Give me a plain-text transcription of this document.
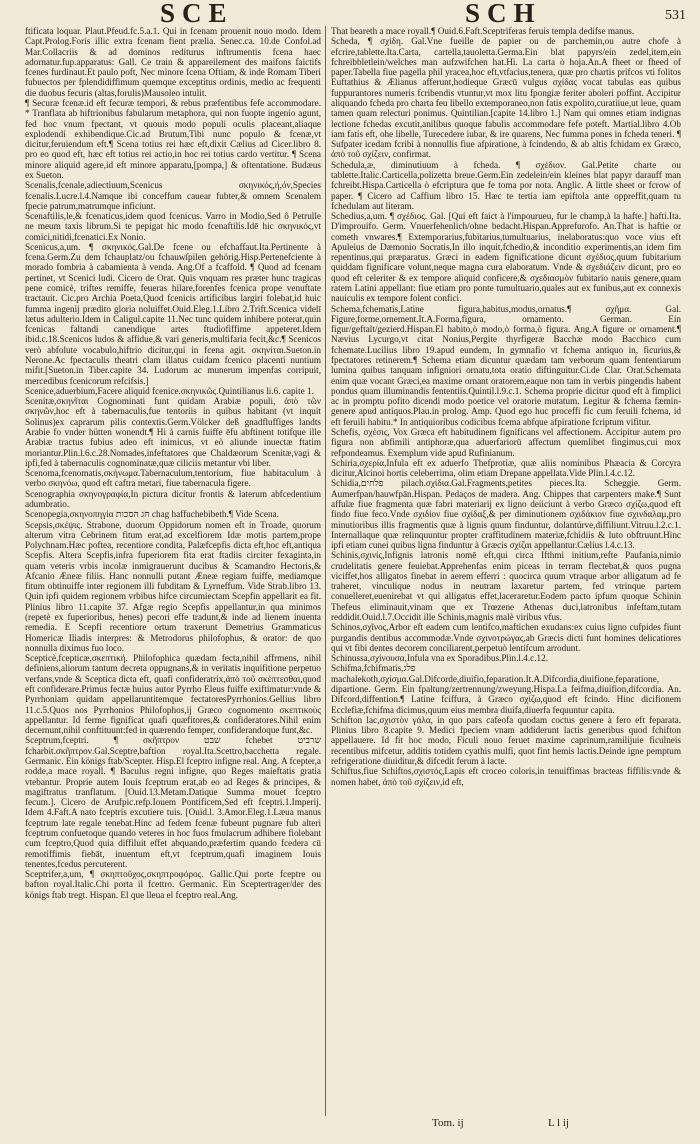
SCE	SCH	531

ftificata loquar. Plaut.Pfeud.fc.5.a.1. Qui in fcenam prouenit nouo modo. Idem Capt.Prolog.Foris illic extra fcenam fient prælia. Senec.ca. 10.de Confol.ad Mar.Collacriis & ad dominos rediturus inftrumentis fcena haec adornatur.fup.apparatus: Gall. Ce train & appareilement des maifons faictifs fcenes furdinaut.Et paulo poft, Nec minore fcena Oftiam, & inde Romam Tiberi fubuectos per fplendidiffimum quemque exceptitus ordinis, medio ac frequenti die duobus fecuris (altas,forulis)Mausoleo intulit.

¶ Securæ fcenæ.id eft fecuræ tempori, & rebus præfentibus fefe accommodare. * Tranflata ab hiftrionibus fabularum metaphora, qui non fuopte ingenio agunt, fed hoc vnum fpectant, vt quouis modo populi oculis placeant,aliaque explodendi exhibendique.Cic.ad Brutum,Tibi nunc populo & fcenæ,vt dicitur,feruiendum eft.¶ Scena totius rei hæc eft,dixit Cælius ad Cicer.libro 8. pro eo quod eft, hæc eft totius rei actio,in hoc rei totius cardo vertitur. ¶ Scena minore aliquid agere,id eft minore apparatu,[pompa,] & oftentatione. Budæus ex Sueton.

Scenalis,fcenale,adiectiuum,Scenicus σκηνικός,ή,όν,Species fcenalis.Lucre.l.4.Namque ibi conceffum cauear fubter,& omnem Scenalem fpecie patrum,matrumque inficiunt.

Scenaftilis,le,& fcenaticus,idem quod fcenicus. Varro in Modio,Sed ô Petrulle ne meum taxis librum.Si te pepigat hic modo fcenaftilis.Idē hic σκηνικός,vt comici,nitidi,fcenatici.Ex Nonio.

Scenicus,a,um. ¶ σκηνικός.Gal.De fcene ou efchaffaut.Ita.Pertinente à fcena.Germ.Zu dem fchauplatz/ou fchauwſpilen gehörig.Hisp.Pertenefciente à morado fombria à cabamienta à venda. Ang.Of a fcaffold. ¶ Quod ad fcenam pertinet, vt Scenici ludi. Cicero de Orat. Quis vnquam res præter hunc tragicas pene comicè, triftes remiffe, feueras hilare,forenfes fcenica prope venuftate tractauit. Cic.pro Archia Poeta,Quod fcenicis artificibus largiri folebat,id huic fumma ingenij prædito gloria noluiffet.Ouid.Eleg.1.Libro 2.Trift.Scenica videlī lætus adulterio.Idem in Caligul.capite 11.Nec tunc quidem inhibere poterat,quin fcenicas faltandi canendique artes ftudiofiffime appeteret.Idem ibid.c.18.Scenicos ludos & affidue,& vari generis,multifaria fecit,&c.¶ Scenicos verò abfolute vocabulo,hiftrio dicitur,qui in fcena agit. σκηνίται.Sueton.in Nerone.Ac fpectaculis theatri clam illatus cuidam fcenico placenti nuntium mifit.[Sueton.in Tiber.capite 34. Ludorum ac munerum impenfas corripuit, mercedibus fcenicorum refcifsis.]

Scenice,aduerbium,Facere aliquid fcenice.σκηνικῶς.Quintilianus li.6. capite 1.

Scenitæ,σκηνῖται Cognominati funt quidam Arabiæ populi, ἀπὸ τῶν σκηνῶν,hoc eft à tabernaculis,fue tentoriis in quibus habitant (vt inquit Solinus)ex caprarum pilis contextis.Germ.Völcker deß gnadfluffiges landts Arabie fo vnder hütten wonendt.¶ Hi à carnis fuiffe ēfu abftinent totifque ille Arabiæ tractus fubius adeo eft inimicus, vt eò aliunde inuectæ ftatim moriantur.Plin.l.6.c.28.Nomades,infeftatores que Chaldæorum Scenitæ,vagi & ipfi,fed à tabernaculis cognominatæ,quæ ciliciis metantur vbi liber.

Scenoma,fcenomatis,σκήνωμα.Tabernaculum,tentorium, fiue habitaculum à verbo σκηνόω, quod eft caftra metari, fiue tabernacula figere.

Scenographia σκηνογραφία,In pictura dicitur frontis & laterum abfcedentium adumbratio.

Scenopegia,σκηνοπηγία ‫חג הסכות‬ chag haffuchebibeth.¶ Vide Scena.

Scepsis,σκέψις. Strabone, duorum Oppidorum nomen eft in Troade, quorum alterum vitra Cebrinem fitum erat,ad excelfiorem Idæ motis partem,prope Polychnam.Hæc poftea, recentiore condita, Palæfcepfis dicta eft,hoc eft,antiqua Scepfis. Altera Scepfis,infra fuperiorem fita erat ftadiis circiter fexaginta,in quam veteris vrbis incolæ inmigrauerunt ducibus & Scamandro Hectoris,& Afcanio Æneæ filiis. Hanc nonnulli putant Æneæ regiam fuiffe, mediamque fitum obtinuiffe inter regionem illi fubditam & Lyrneffum. Vide Strab.libro 13. Quin ipfi quidem regionem vrbibus hifce circumiectam Scepfin appellarit ea fit. Plinius libro 11.capite 37. Afgæ regio Scepfis appellantur,in qua minimos (repetè ex fuperioribus, henes) pecori effe tradunt,& inde ad lienem inuenta remedia. E Scepfi recentiore ortum traxerunt Demetrius Grammaticus Homericæ Iliadis interpres: & Metrodorus philofophus, & orator: de quo nonnulla diximus fuo loco.

Scepticè,fcepticæ,σκεπτική. Philofophica quædam fecta,nihil affrmens, nihil definiens,aliorum tantum decreta oppugnans,& in veritatis inquifitione perpetuo verfans,vnde & Sceptica dicta eft, quafi confideratrix,ἀπὸ τοῦ σκέπτεσθαι,quod eft confiderare.Primus fectæ huius autor Pyrrho Eleus fuiffe exiftimatur:vnde & Pyrrhoniam quidam appellaruntitemque fectatoresPyrrhonios.Gellius libro 11.c.5.Quos nos Pyrrhonios Philofophos,ij Græco cognomento σκεπτικοὺς appellantur. Id ferme fignificat quafi quæfitores,& confideratores.Nihil enim decernunt,nihil conftituunt:fed in quærendo femper, confiderandoque funt,&c.

Sceptrum,fceptri. ¶ σκῆπτρον ‫שבט‬ fchebet ‫שרביט‬ fcharbit.σκῆπτρον.Gal.Sceptre,baftion royal.Ita.Scettro,bacchetta regale. Germanic. Ein königs ftab/Scepter. Hisp.El fceptro infigne real. Ang. A fcepter,a rodde,a mace royall. ¶ Baculus regni infigne, quo Reges maieftatis gratia vtebantur. Proprie autem Iouis fceptrum erat,ab eo ad Reges & principes, & magiftratus tranflatum. [Ouid.13.Metam.Datique Summa mouet fceptro fecum.]. Cicero de Arufpic.refp.Iouem Pontificem,Sed eft fceptri.1.Imperij. Idem 4.Faft.A nato fceptris excutiere tuis. [Ouid.l. 3.Amor.Eleg.1.Læua manus fceptrum late regale tenebat.Hinc ad fedem fcenæ fubeunt pugnare fub alteri fceptrum confuetoque quando veteres in hoc fuos fmulacrum adhibere fiolebant cum fceptro,Quod quia diffiluit effet abquando,præfertim quando fcedera cū remotiffimis fiebāt, inuentum eft,vt fceptrum,quafi imaginem Iouis tenentes,fcedus percuterent.

Sceptrifer,a,um, ¶ σκηπτοῦχος,σκηπτροφόρος. Gallic.Qui porte fceptre ou bafton royal.Italic.Chi porta il fcettro. Germanic. Ein Sceptertrager/der des königs ftab tregt. Hispan. El que lleua el fceptro real.Ang.

That beareth a mace royall.¶ Ouid.6.Faft.Sceptriferas feruis templa dedifse manus.

Scheda, ¶ σχίδη. Gal.Vne fueille de papier ou de parchemin,ou autre chofe à efcrire,tablette.Ita.Carta, cartella,tauoletta.Germa.Ein blat papyrs/ein zedel,item,ein fchreibbletlein/welches man aufzwifchen hat.Hi. La carta ò hoja.An.A fheet or fheed of paper.Tabella fiue pagella phil yracea,hoc eft,vtfacius,tenera, quæ pro chartis prifcos vti folitos Euftathius & Ælianus afferunt,hodieque Græcū vulgus σχίδας vocat tabulas eas quibus fuppurantores numeris fcribendis vtuntur,vt mox litu fpongiæ feriter aboleri poffint. Accipitur aliquando fcheda pro charta feu libello extemporaneo,non fatis expolito,curatiiue,ut leue, quam tamen quam relecturi ponimus. Quintilian.[capite 14.libro 1.] Nam qui omnes etiam indignas lectione fchedas excutit,anilibus quoque fabulis accommodare fefe poteft. Martial.libro 4.Ob iam fatis eft, ohe libelle, Turecedere iubar, & ire quarens, Nec fumma pones in fcheda teneri. ¶ Sufpater icedam fcribi à nonnullis fiue afpiratione, à fcindendo, & ab altis fchidam ex Græco, ἀπὸ τοῦ σχίζειν, confirmat.

Schedula,æ, diminutiuum à fcheda. ¶ σχέδιον. Gal.Petite charte ou tablette.Italic.Carticella,polizetta breue.Germ.Ein zedelein/ein kleines blat papyr darauff man fchreibt.Hispa.Carticella ò efcriptura que fe toma por nota. Anglic. A little sheet or fcrow of paper. ¶ Cicero ad Caffium libro 15. Hæc te tertia iam epiftola ante oppreffit,quam tu fchedulam aut literam.

Schedius,a,um. ¶ σχέδιος. Gal. [Qui eft faict à l'impourueu, fur le champ,à la hafte.] hafti.Ita. D'improuifo. Germ. Vnuerfehenlich/ohne bedacht.Hispan.Apprefurofo. An.That is haftie or cometh vnwares.¶ Extemporarius,fubitarius,tumultuarius, inelaboratus:quo voce vius eft Apuleius de Dæmonio Socratis,In illo inquit,fchedio,& inconditio experimentis,an idem fim repentinus,qui præparatus. Græci in eadem fignificatione dicunt σχέδιος,quum fubitarium quiddam fignificare volunt,neque magna cura elaboratum. Vnde & σχεδιάζειν dicunt, pro eo quod eft celeriter & ex tempore aliquid conficere,& σχεδιασμὸν fubitario nauis genere,quam ratem Latini appellant: fiue etiam pro ponte tumultuario,quales aut ex funibus,aut ex connexis nauiculis ex tempore folent confici.

Schema,fchematis,Latine figura,habitus,modus,ornatus.¶ σχῆμα. Gal. Figure,forme,ornement.It.A.Forma,figura, ornamento. German. Ein figur/geftalt/gezierd.Hispan.El habito,ò modo,ò forma,ò figura. Ang.A figure or ornament.¶ Nævius Lycurgo,vt citat Nonius,Pergite thyrfigeræ Bacchæ modo Bacchico cum fchemate.Lucilius libro 19.apud eundem, In gymnafio vt fchema antiquo in, ficurius,& fpectatores retinerem.¶ Schema etiam dicuntur quædam tam verborum quam fententiarum lumina quibus tanquam infigniori ornatu,tota oratio diftinguitur.Ci.de Clar. Orat.Schemata enim quæ vocant Græci,ea maxime ornant oratorem,eaque non tam in verbis pingendis habent pondus quam illuminandis fententiis.Quintil.l.9.c.1. Schema proprie dicitur quod eft à fimplici ac in promptu pofito dicendi modo poetice vel oratorie mutatum. Legitur & fchema fæmin-genere apud antiquos.Plau.in prolog. Amp. Quod ego huc proceffi fic cum feruili fchema, id eft feruili habitu.* In antiquioribus codicibus fcema abfque afpiratione fcriptum vifitur.

Schefis, σχέσις, Vox Græca eft habitudinem fignificans vel affectionem. Accipitur autem pro figura non abfimili antiphoræ,qua aduerfariorū affectum quemlibet fingimus,cui mox refpondeamus. Exemplum vide apud Rufinianum.

Schiria,σχερία,Infula eft ex aduerfo Thefprotiæ, quæ aliis nominibus Phæacia & Corcyra dicitur,Alcinoi hortis celeberrima, olim etiam Drepane appellata.Vide Plin.l.4.c.12.

Schidia,‫פלחים‬ pilach.σχίδια.Gal.Fragments,petites pieces.Ita. Scheggie. Germ. Aumerfpan/hauwfpān.Hispan. Pedaços de madera. Ang. Chippes that carpenters make.¶ Sunt affulæ fiue fragmenta quæ fabri materiarij ex ligno deiiciunt à verbo Græco σχίζω,quod eft findo fiue feco.Vnde σχιδίον fiue σχίδαξ,& per diminutionem σχιδάκιον fiue σχινδαλαμ,pro minutioribus illis fragmentis quæ à lignis quum finduntur, dolantúrve,diffiliunt.Vitruu.l.2.c.1. Internallaque quæ relinquuntur propter craffitudinem materiæ,fchidiis & luto obftruunt.Hinc ipfi etiam cunei quibus ligna finduntur à Græcis σχίζαι appellantur.Cælius l.4.c.13.

Schinis,σχινίς,Infignis latronis nomē eft,qui circa Ifthmi initium,refte Paufania,nimio crudelitatis genere feuiebat.Apprehenfas enim piceas in terram flectebat,& quos pugna viciffet,hos alligatos finebat in aerem efferri : quocirca quum vtraque arbor alligatum ad fe traheret, vinculique nodus in neutram laxaretur partem, fed vtrinque partem conuelleret,euenirebat vt qui alligatus effet,laceraretur.Eodem pacto ipfum quoque Schinin Thefeus eliminauit,vinam que ex Trœzene Athenas duci,latronibus infeftam,tutam reddidit.Ouid.l.7.Occidit ille Schinis,magnis malè viribus vfus.

Schinos,σχῖνος,Arbor eft eadem cum lentifco,maftichen exudans:ex cuius ligno cufpides fiunt purgandis dentibus accommodæ.Vnde σχινοτρώγας,ab Græcis dicti funt homines delicatiores qui vt fibi dentes decorem conciliarent,perpetuò lentifcum arrodunt.

Schinussa,σχίνουσα,Infula vna ex Sporadibus.Plin.l.4.c.12.

Schifma,fchifmatis,‫פלג‬ machalekoth,σχίσμα.Gal.Difcorde,diuifio,feparation.It.A.Difcordia,diuifione,feparatione, dipartione. Germ. Ein fpaltung/zertrennung/zweyung.Hispa.La feifma,diuifion,difcordia. An. Difcord,diffention.¶ Latine fciffura, à Græco σχίζω,quod eft fcindo. Hinc dicifionem Ecclefiæ,fchifma dicimus,quum eius membra diuifa,diuerfa fequuntur capita.

Schifton lac,σχιστὸν γάλα, in quo pars cafeofa quodam coctus genere à fero eft feparata. Plinius libro 8.capite 9. Medici fpeciem vnam addiderunt lactis generibus quod fchifton appellauere. Id fit hoc modo, Ficuli nouo feruet maxime caprinum,ramilijuie ficulneis recentibus mifcetur, additis totidem cyathis mulfi, quot fint hemis lactis.Deinde igne pemptum refrigeratione diuiditur,& difcedit ferum à lacte.

Schiftus,fiue Schiftos,σχιστός,Lapis eft croceo coloris,in tenuiffimas bracteas fiffilis:vnde & nomen habet, ἀπὸ τοῦ σχίζειν,id eft,

Tom. ij	L l ij
